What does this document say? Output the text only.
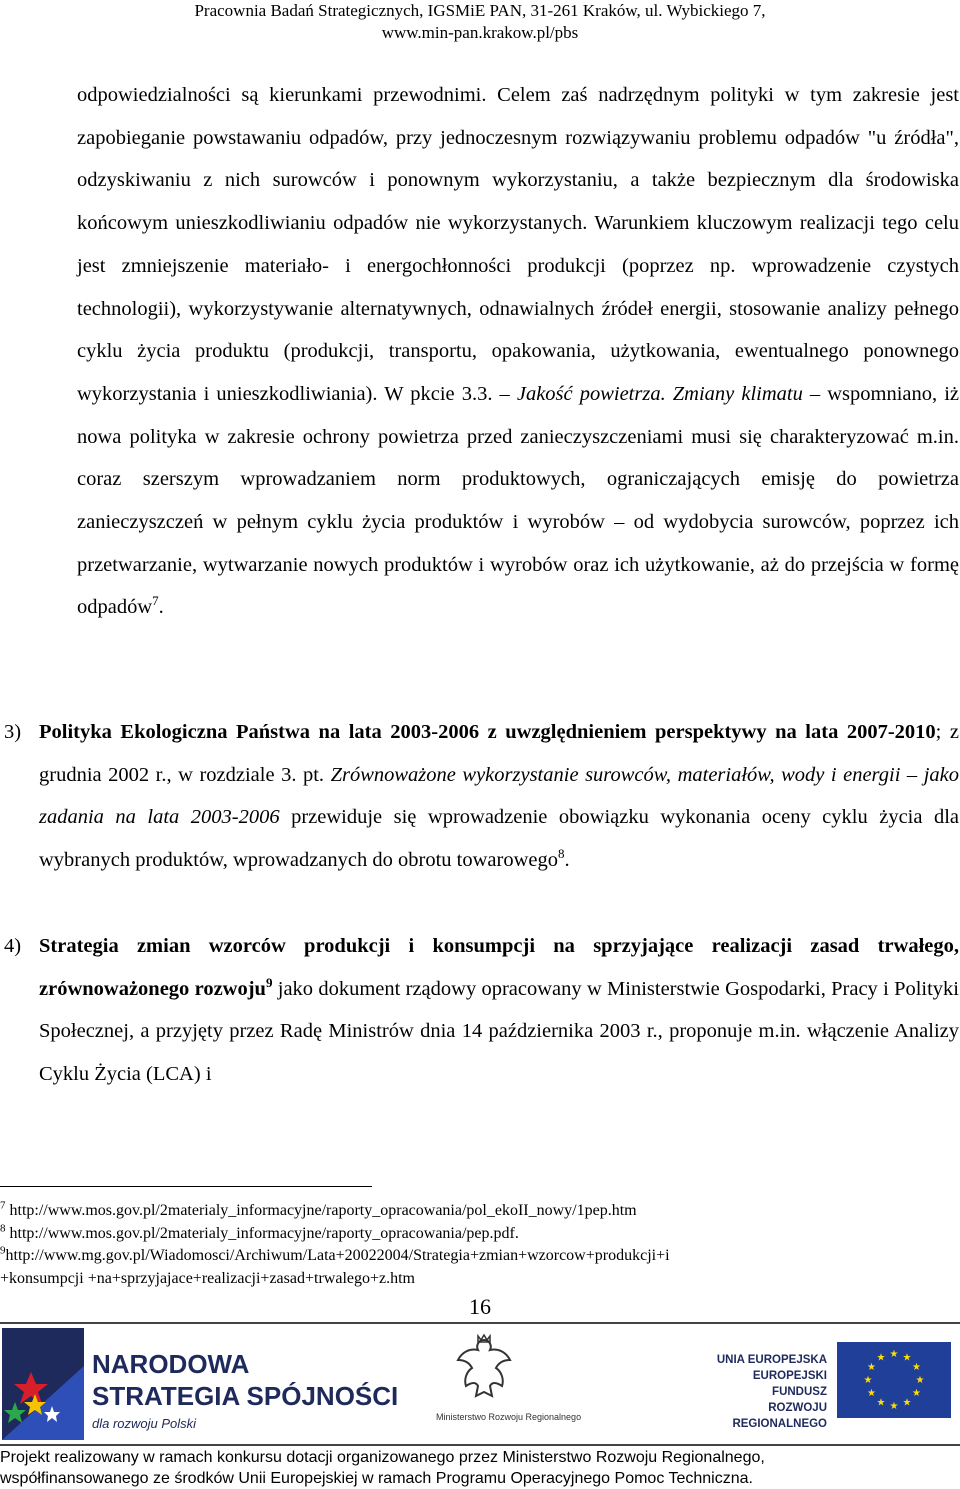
Pracownia Badań Strategicznych, IGSMiE PAN, 31-261 Kraków, ul. Wybickiego 7,
www.min-pan.krakow.pl/pbs

odpowiedzialności są kierunkami przewodnimi. Celem zaś nadrzędnym polityki w tym zakresie jest zapobieganie powstawaniu odpadów, przy jednoczesnym rozwiązywaniu problemu odpadów "u źródła", odzyskiwaniu z nich surowców i ponownym wykorzystaniu, a także bezpiecznym dla środowiska końcowym unieszkodliwianiu odpadów nie wykorzystanych. Warunkiem kluczowym realizacji tego celu jest zmniejszenie materiało- i energochłonności produkcji (poprzez np. wprowadzenie czystych technologii), wykorzystywanie alternatywnych, odnawialnych źródeł energii, stosowanie analizy pełnego cyklu życia produktu (produkcji, transportu, opakowania, użytkowania, ewentualnego ponownego wykorzystania i unieszkodliwiania). W pkcie 3.3. – Jakość powietrza. Zmiany klimatu – wspomniano, iż nowa polityka w zakresie ochrony powietrza przed zanieczyszczeniami musi się charakteryzować m.in. coraz szerszym wprowadzaniem norm produktowych, ograniczających emisję do powietrza zanieczyszczeń w pełnym cyklu życia produktów i wyrobów – od wydobycia surowców, poprzez ich przetwarzanie, wytwarzanie nowych produktów i wyrobów oraz ich użytkowanie, aż do przejścia w formę odpadów$^7$.

3) Polityka Ekologiczna Państwa na lata 2003-2006 z uwzględnieniem perspektywy na lata 2007-2010; z grudnia 2002 r., w rozdziale 3. pt. Zrównoważone wykorzystanie surowców, materiałów, wody i energii – jako zadania na lata 2003-2006 przewiduje się wprowadzenie obowiązku wykonania oceny cyklu życia dla wybranych produktów, wprowadzanych do obrotu towarowego$^8$.
4) Strategia zmian wzorców produkcji i konsumpcji na sprzyjające realizacji zasad trwałego, zrównoważonego rozwoju$^9$ jako dokument rządowy opracowany w Ministerstwie Gospodarki, Pracy i Polityki Społecznej, a przyjęty przez Radę Ministrów dnia 14 października 2003 r., proponuje m.in. włączenie Analizy Cyklu Życia (LCA) i
$^7$ http://www.mos.gov.pl/2materialy_informacyjne/raporty_opracowania/pol_ekoII_nowy/1pep.htm
$^8$ http://www.mos.gov.pl/2materialy_informacyjne/raporty_opracowania/pep.pdf.
$^9$http://www.mg.gov.pl/Wiadomosci/Archiwum/Lata+20022004/Strategia+zmian+wzorcow+produkcji+i
+konsumpcji +na+sprzyjajace+realizacji+zasad+trwalego+z.htm
16
NARODOWA
STRATEGIA SPÓJNOŚCI
dla rozwoju Polski	Ministerstwo Rozwoju Regionalnego
UNIA EUROPEJSKA
EUROPEJSKI FUNDUSZ
ROZWOJU REGIONALNEGO
★ ★
★
★
★
★
★
★
★
★
★
★
Projekt realizowany w ramach konkursu dotacji organizowanego przez Ministerstwo Rozwoju Regionalnego,
współfinansowanego ze środków Unii Europejskiej w ramach Programu Operacyjnego Pomoc Techniczna.
